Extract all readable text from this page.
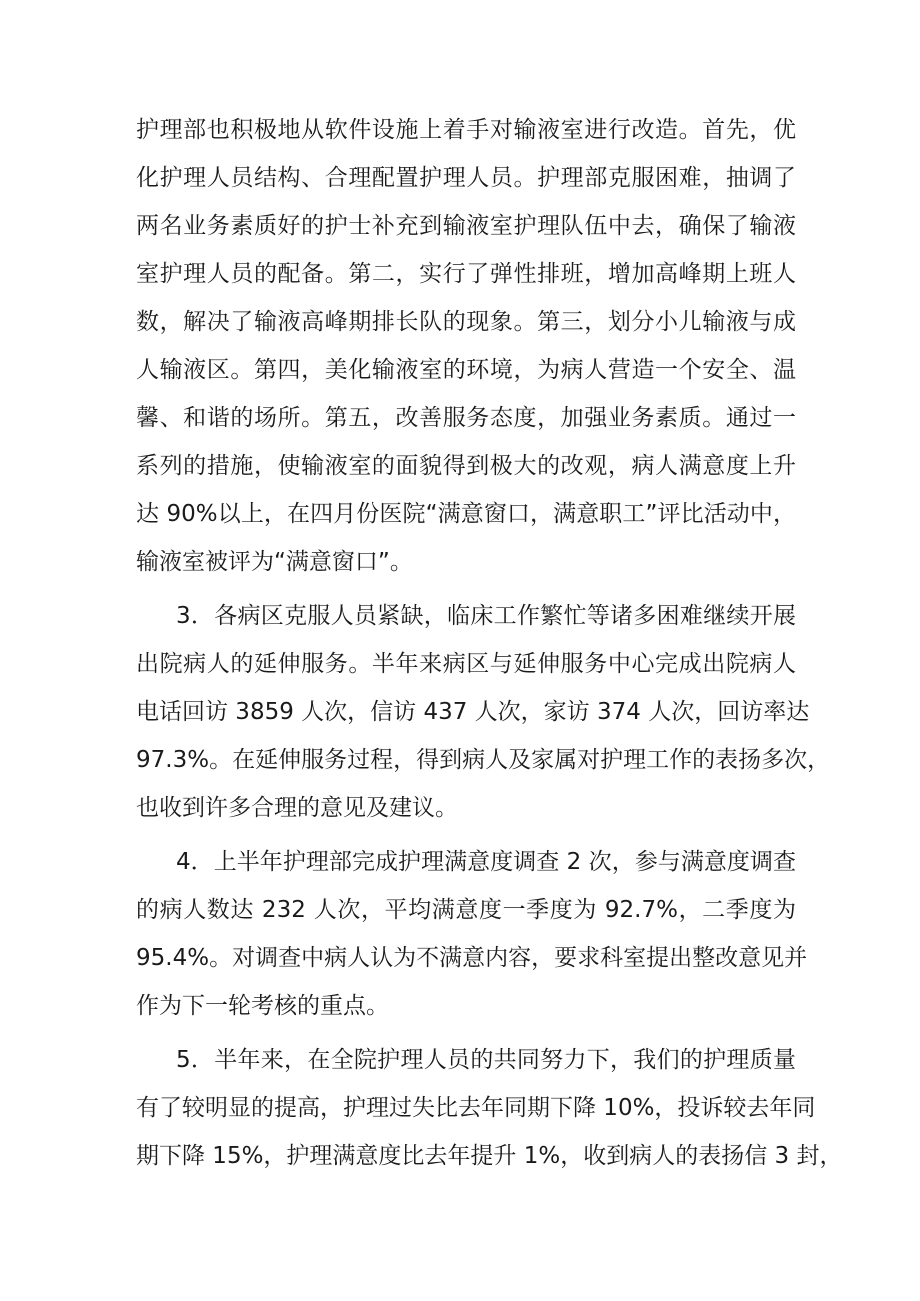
护理部也积极地从软件设施上着手对输液室进行改造。首先，优
化护理人员结构、合理配置护理人员。护理部克服困难，抽调了
两名业务素质好的护士补充到输液室护理队伍中去，确保了输液
室护理人员的配备。第二，实行了弹性排班，增加高峰期上班人
数，解决了输液高峰期排长队的现象。第三，划分小儿输液与成
人输液区。第四，美化输液室的环境，为病人营造一个安全、温
馨、和谐的场所。第五，改善服务态度，加强业务素质。通过一
系列的措施，使输液室的面貌得到极大的改观，病人满意度上升
达 90%以上，在四月份医院“满意窗口，满意职工”评比活动中，
输液室被评为“满意窗口”。
3．各病区克服人员紧缺，临床工作繁忙等诸多困难继续开展
出院病人的延伸服务。半年来病区与延伸服务中心完成出院病人
电话回访 3859 人次，信访 437 人次，家访 374 人次，回访率达
97.3%。在延伸服务过程，得到病人及家属对护理工作的表扬多次，
也收到许多合理的意见及建议。
4．上半年护理部完成护理满意度调查 2 次，参与满意度调查
的病人数达 232 人次，平均满意度一季度为 92.7%，二季度为
95.4%。对调查中病人认为不满意内容，要求科室提出整改意见并
作为下一轮考核的重点。
5．半年来，在全院护理人员的共同努力下，我们的护理质量
有了较明显的提高，护理过失比去年同期下降 10%，投诉较去年同
期下降 15%，护理满意度比去年提升 1%，收到病人的表扬信 3 封，
